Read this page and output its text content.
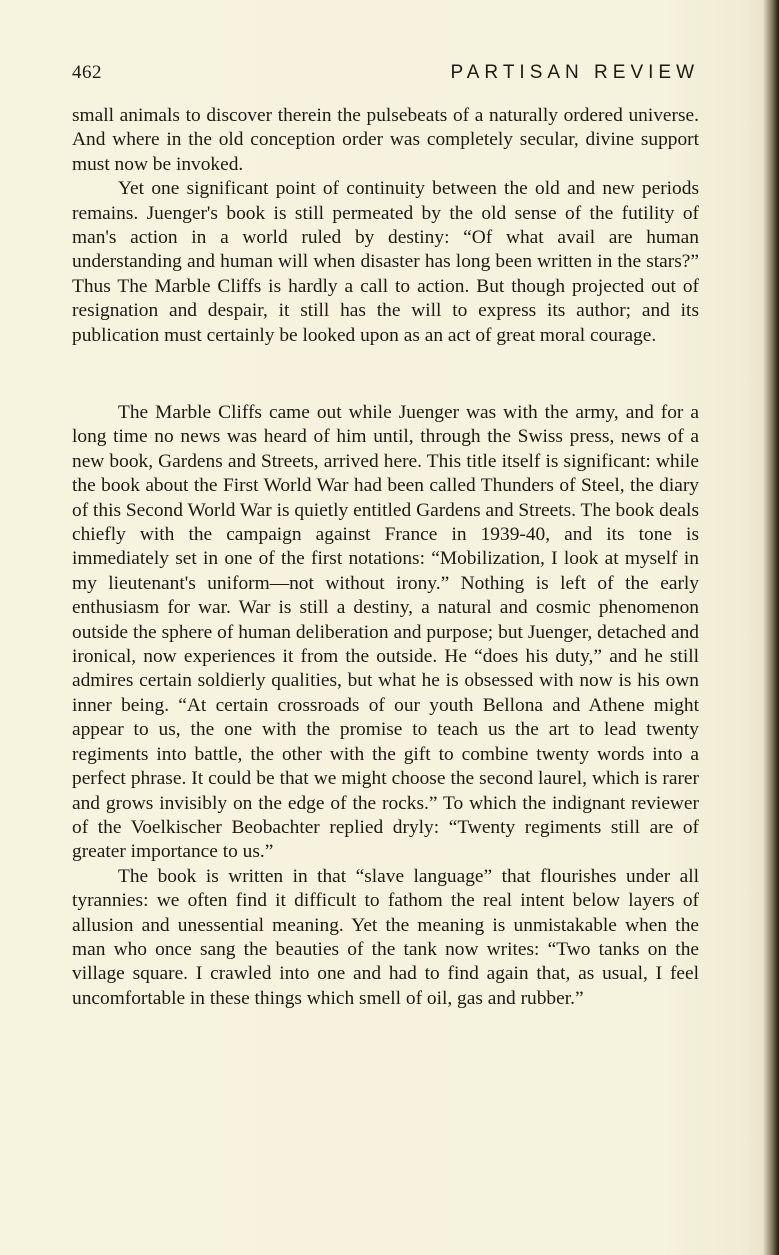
462	PARTISAN REVIEW

small animals to discover therein the pulsebeats of a naturally ordered universe. And where in the old conception order was completely secular, divine support must now be invoked.

Yet one significant point of continuity between the old and new periods remains. Juenger's book is still permeated by the old sense of the futility of man's action in a world ruled by destiny: “Of what avail are human understanding and human will when disaster has long been written in the stars?” Thus The Marble Cliffs is hardly a call to action. But though projected out of resignation and despair, it still has the will to express its author; and its publication must certainly be looked upon as an act of great moral courage.

The Marble Cliffs came out while Juenger was with the army, and for a long time no news was heard of him until, through the Swiss press, news of a new book, Gardens and Streets, arrived here. This title itself is significant: while the book about the First World War had been called Thunders of Steel, the diary of this Second World War is quietly entitled Gardens and Streets. The book deals chiefly with the campaign against France in 1939-40, and its tone is immediately set in one of the first notations: “Mobilization, I look at myself in my lieutenant's uniform—not without irony.” Nothing is left of the early enthusiasm for war. War is still a destiny, a natural and cosmic phenomenon outside the sphere of human deliberation and purpose; but Juenger, detached and ironical, now experiences it from the outside. He “does his duty,” and he still admires certain soldierly qualities, but what he is obsessed with now is his own inner being. “At certain crossroads of our youth Bellona and Athene might appear to us, the one with the promise to teach us the art to lead twenty regiments into battle, the other with the gift to combine twenty words into a perfect phrase. It could be that we might choose the second laurel, which is rarer and grows invisibly on the edge of the rocks.” To which the indignant reviewer of the Voelkischer Beobachter replied dryly: “Twenty regiments still are of greater importance to us.”

The book is written in that “slave language” that flourishes under all tyrannies: we often find it difficult to fathom the real intent below layers of allusion and unessential meaning. Yet the meaning is unmistakable when the man who once sang the beauties of the tank now writes: “Two tanks on the village square. I crawled into one and had to find again that, as usual, I feel uncomfortable in these things which smell of oil, gas and rubber.”
